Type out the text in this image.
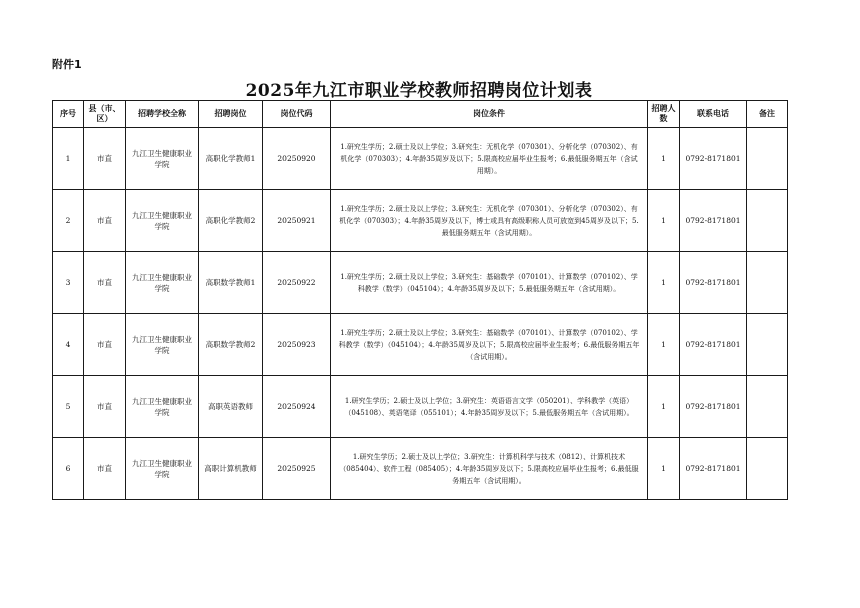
附件1
2025年九江市职业学校教师招聘岗位计划表
序号	县（市、区）	招聘学校全称	招聘岗位	岗位代码	岗位条件	招聘人数	联系电话	备注
1	市直	九江卫生健康职业学院	高职化学教师1	20250920	1.研究生学历；2.硕士及以上学位；3.研究生：无机化学（070301）、分析化学（070302）、有机化学（070303）；4.年龄35周岁及以下；5.限高校应届毕业生报考；6.最低服务期五年（含试用期）。	1	0792-8171801	
2	市直	九江卫生健康职业学院	高职化学教师2	20250921	1.研究生学历；2.硕士及以上学位；3.研究生：无机化学（070301）、分析化学（070302）、有机化学（070303）；4.年龄35周岁及以下，博士或具有高级职称人员可放宽到45周岁及以下；5.最低服务期五年（含试用期）。	1	0792-8171801	
3	市直	九江卫生健康职业学院	高职数学教师1	20250922	1.研究生学历；2.硕士及以上学位；3.研究生：基础数学（070101）、计算数学（070102）、学科教学（数学）（045104）；4.年龄35周岁及以下；5.最低服务期五年（含试用期）。	1	0792-8171801	
4	市直	九江卫生健康职业学院	高职数学教师2	20250923	1.研究生学历；2.硕士及以上学位；3.研究生：基础数学（070101）、计算数学（070102）、学科教学（数学）（045104）；4.年龄35周岁及以下；5.限高校应届毕业生报考；6.最低服务期五年（含试用期）。	1	0792-8171801	
5	市直	九江卫生健康职业学院	高职英语教师	20250924	1.研究生学历；2.硕士及以上学位；3.研究生：英语语言文学（050201）、学科教学（英语）（045108）、英语笔译（055101）；4.年龄35周岁及以下；5.最低服务期五年（含试用期）。	1	0792-8171801	
6	市直	九江卫生健康职业学院	高职计算机教师	20250925	1.研究生学历；2.硕士及以上学位；3.研究生：计算机科学与技术（0812）、计算机技术（085404）、软件工程（085405）；4.年龄35周岁及以下；5.限高校应届毕业生报考；6.最低服务期五年（含试用期）。	1	0792-8171801	
